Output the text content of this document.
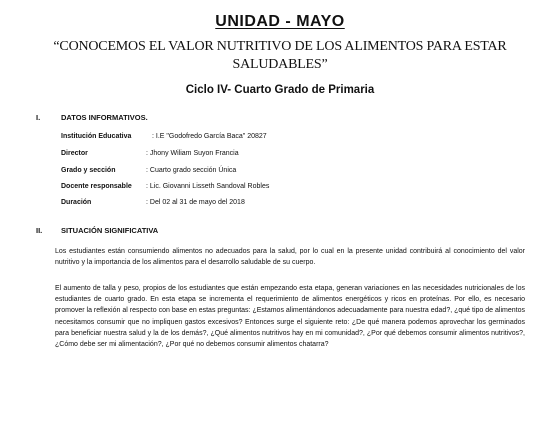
UNIDAD - MAYO
“CONOCEMOS EL VALOR NUTRITIVO DE LOS ALIMENTOS PARA ESTAR SALUDABLES”
Ciclo IV- Cuarto Grado de Primaria
I.	DATOS INFORMATIVOS.
Institución Educativa	: I.E "Godofredo García Baca" 20827
Director	: Jhony Wiliam Suyon Francia
Grado y sección	: Cuarto grado sección Única
Docente responsable : Lic. Giovanni Lisseth Sandoval Robles
Duración	: Del 02 al 31 de mayo del 2018
II. SITUACIÓN SIGNIFICATIVA
Los estudiantes están consumiendo alimentos no adecuados para la salud, por lo cual en la presente unidad contribuirá al conocimiento del valor nutritivo y la importancia de los alimentos para el desarrollo saludable de su cuerpo.
El aumento de talla y peso, propios de los estudiantes que están empezando esta etapa, generan variaciones en las necesidades nutricionales de los estudiantes de cuarto grado. En esta etapa se incrementa el requerimiento de alimentos energéticos y ricos en proteínas. Por ello, es necesario promover la reflexión al respecto con base en estas preguntas: ¿Estamos alimentándonos adecuadamente para nuestra edad?, ¿qué tipo de alimentos necesitamos consumir que no impliquen gastos excesivos? Entonces surge el siguiente reto: ¿De qué manera podemos aprovechar los germinados para beneficiar nuestra salud y la de los demás?, ¿Qué alimentos nutritivos hay en mi comunidad?, ¿Por qué debemos consumir alimentos nutritivos?, ¿Cómo debe ser mi alimentación?, ¿Por qué no debemos consumir alimentos chatarra?
